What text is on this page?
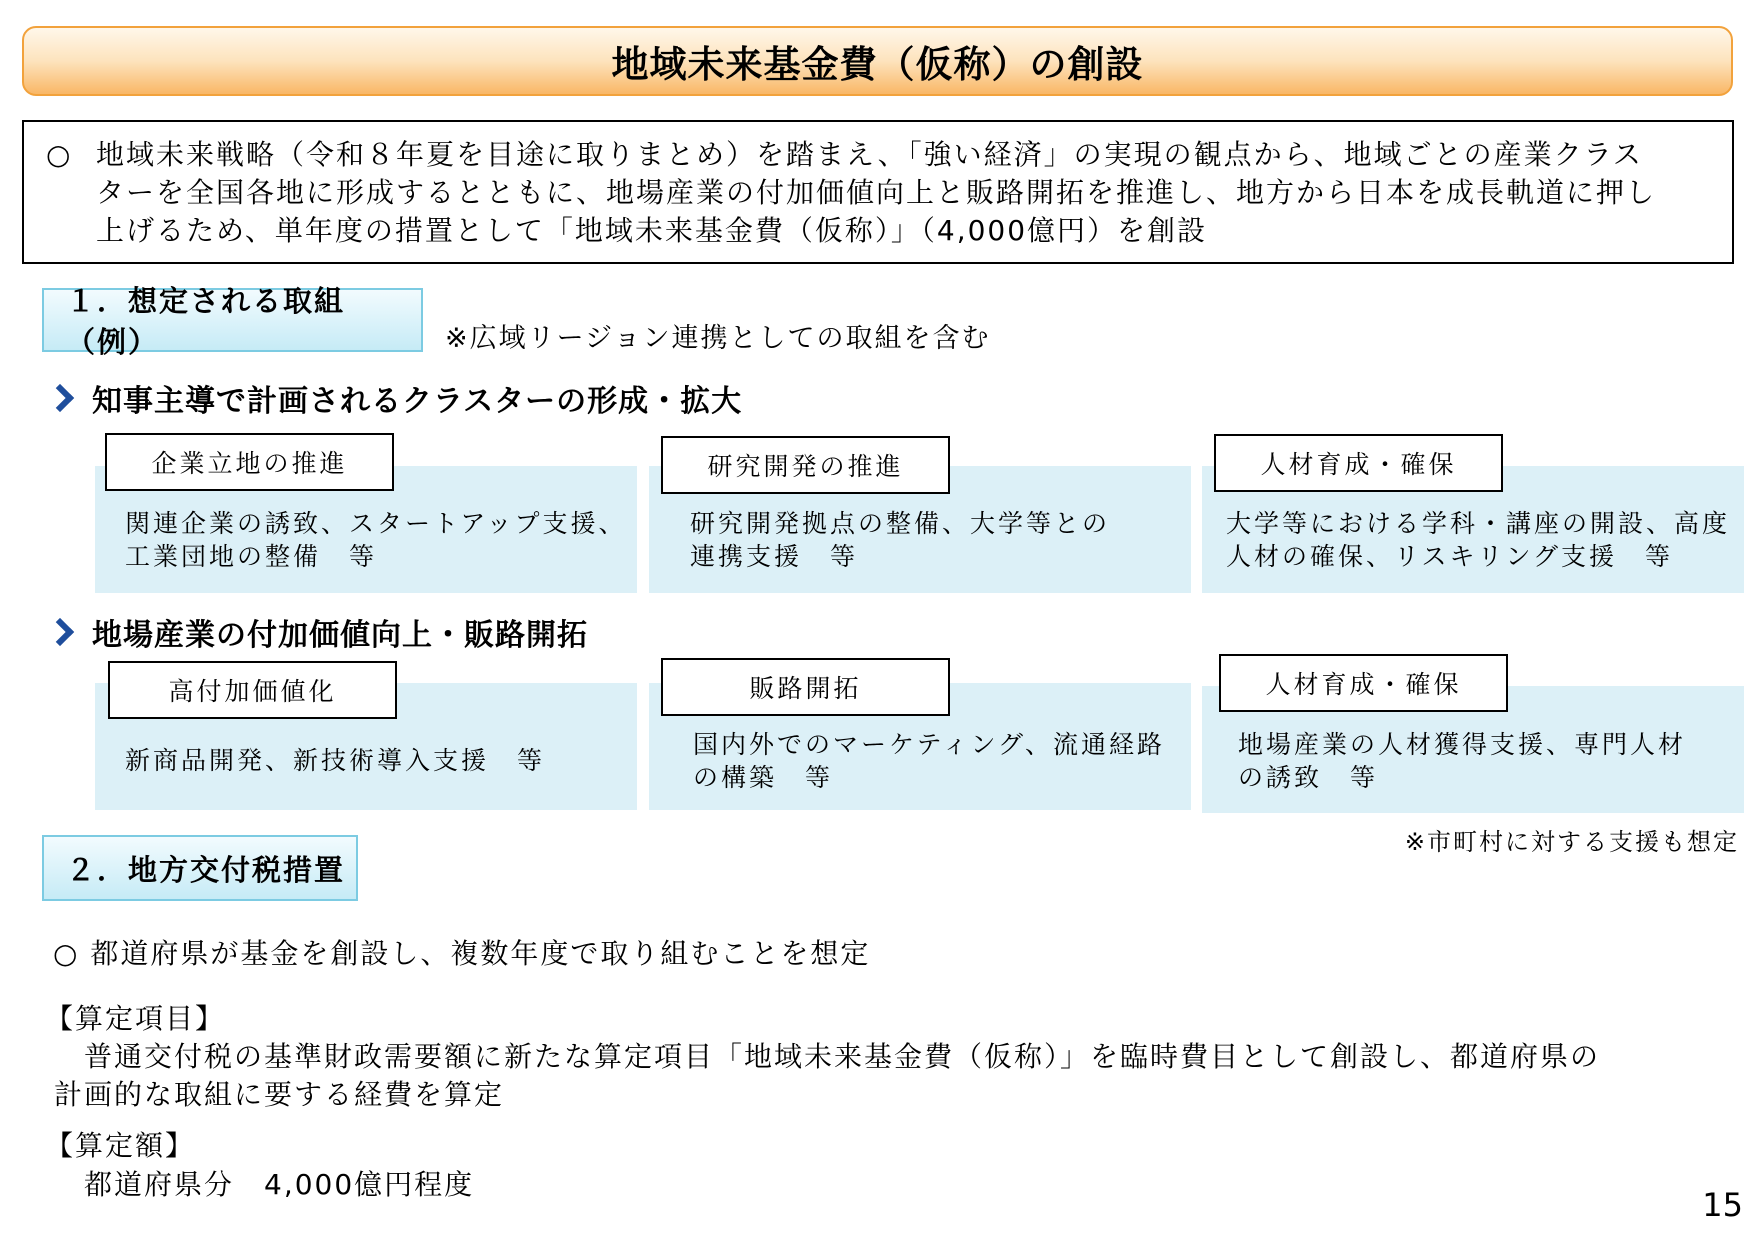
地域未来基金費（仮称）の創設
○ 地域未来戦略（令和８年夏を目途に取りまとめ）を踏まえ、「強い経済」の実現の観点から、地域ごとの産業クラス
ターを全国各地に形成するとともに、地場産業の付加価値向上と販路開拓を推進し、地方から日本を成長軌道に押し
上げるため、単年度の措置として「地域未来基金費（仮称）」（4,000億円）を創設
１．想定される取組（例）	※広域リージョン連携としての取組を含む
知事主導で計画されるクラスターの形成・拡大
企業立地の推進
関連企業の誘致、スタートアップ支援、
工業団地の整備　等
研究開発の推進
研究開発拠点の整備、大学等との
連携支援　等
人材育成・確保
大学等における学科・講座の開設、高度
人材の確保、リスキリング支援　等
地場産業の付加価値向上・販路開拓
高付加価値化
新商品開発、新技術導入支援　等
販路開拓
国内外でのマーケティング、流通経路
の構築　等
人材育成・確保
地場産業の人材獲得支援、専門人材
の誘致　等
※市町村に対する支援も想定
２．地方交付税措置
○ 都道府県が基金を創設し、複数年度で取り組むことを想定
【算定項目】
普通交付税の基準財政需要額に新たな算定項目「地域未来基金費（仮称）」を臨時費目として創設し、都道府県の
計画的な取組に要する経費を算定
【算定額】
都道府県分　4,000億円程度
15
